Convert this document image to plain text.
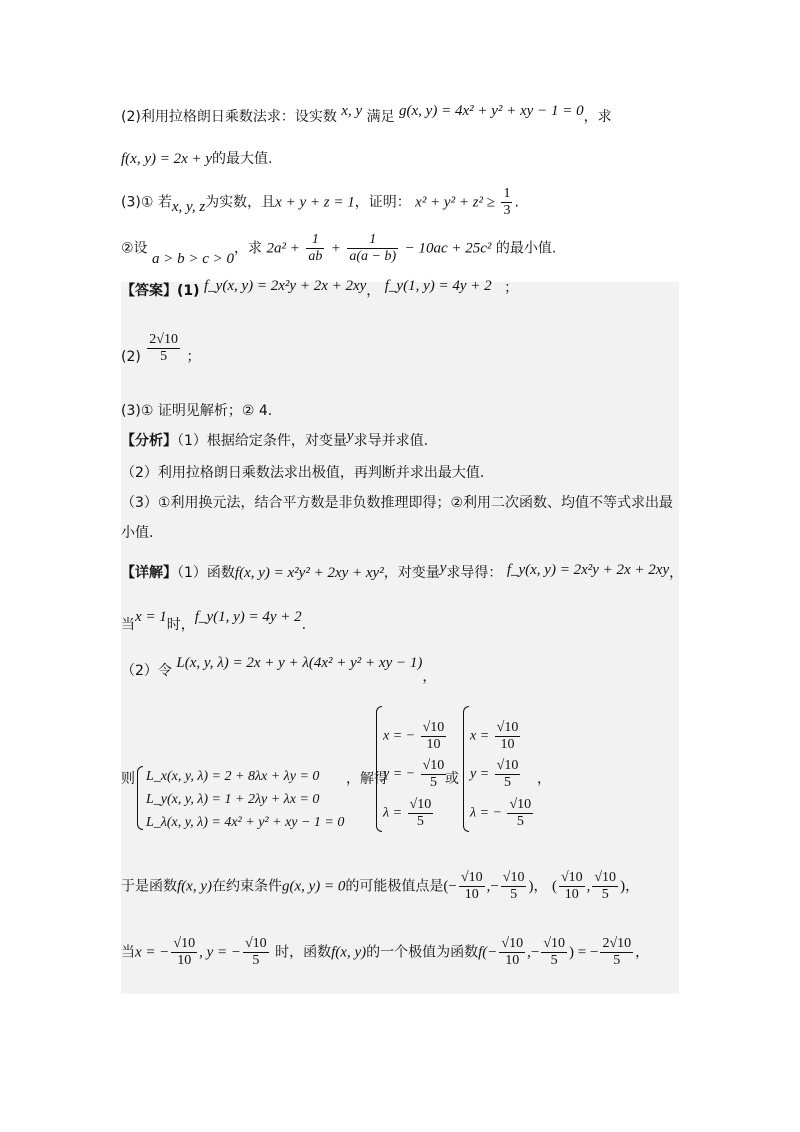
(2)利用拉格朗日乘数法求：设实数 x, y 满足 g(x, y) = 4x² + y² + xy − 1 = 0，求
f(x, y) = 2x + y的最大值.
(3)① 若x, y, z为实数，且x + y + z = 1，证明： $x^2 + y^2 + z^2 \ge \frac{1}{3}$ .
②设 a > b > c > 0，求 $2a^2 + \frac{1}{ab} + \frac{1}{a(a - b)} - 10ac + 25c^2$ 的最小值.
【答案】(1) f_y(x, y) = 2x²y + 2x + 2xy， f_y(1, y) = 4y + 2 ；
$(2) \frac{2√10}{5}$ ；
(3)① 证明见解析；② 4.
【分析】（1）根据给定条件，对变量y求导并求值.
（2）利用拉格朗日乘数法求出极值，再判断并求出最大值.
（3）①利用换元法，结合平方数是非负数推理即得；②利用二次函数、均值不等式求出最
小值.
【详解】（1）函数f(x, y) = x²y² + 2xy + xy²，对变量y求导得： f_y(x, y) = 2x²y + 2x + 2xy，
当x = 1时，f_y(1, y) = 4y + 2.
（2）令 L(x, y, λ) = 2x + y + λ(4x² + y² + xy − 1)，
则 L_x(x, y, λ) = 2 + 8λx + λy = 0
L_y(x, y, λ) = 1 + 2λy + λx = 0
L_λ(x, y, λ) = 4x² + y² + xy − 1 = 0
，解得
x = − $\frac{√10}{10}$
y = − $\frac{√10}{5}$
$\lambda = \frac{√10}{5}$
或
$x = \frac{√10}{10}$
$y = \frac{√10}{5}$
λ = − $\frac{√10}{5}$
，
于是函数f(x, y)在约束条件g(x, y) = 0的可能极值点是(− $\frac{√10}{10}$ ,− $\frac{√10}{5}$ )， ( $\frac{√10}{10}$ , $\frac{√10}{5}$ )，
当x = − $\frac{√10}{10}$ , y = − $\frac{√10}{5}$ 时，函数f(x, y)的一个极值为函数$f(- \frac{√10}{10}$ ,− $\frac{√10}{5}$ ) = − $\frac{2√10}{5}$ ，
